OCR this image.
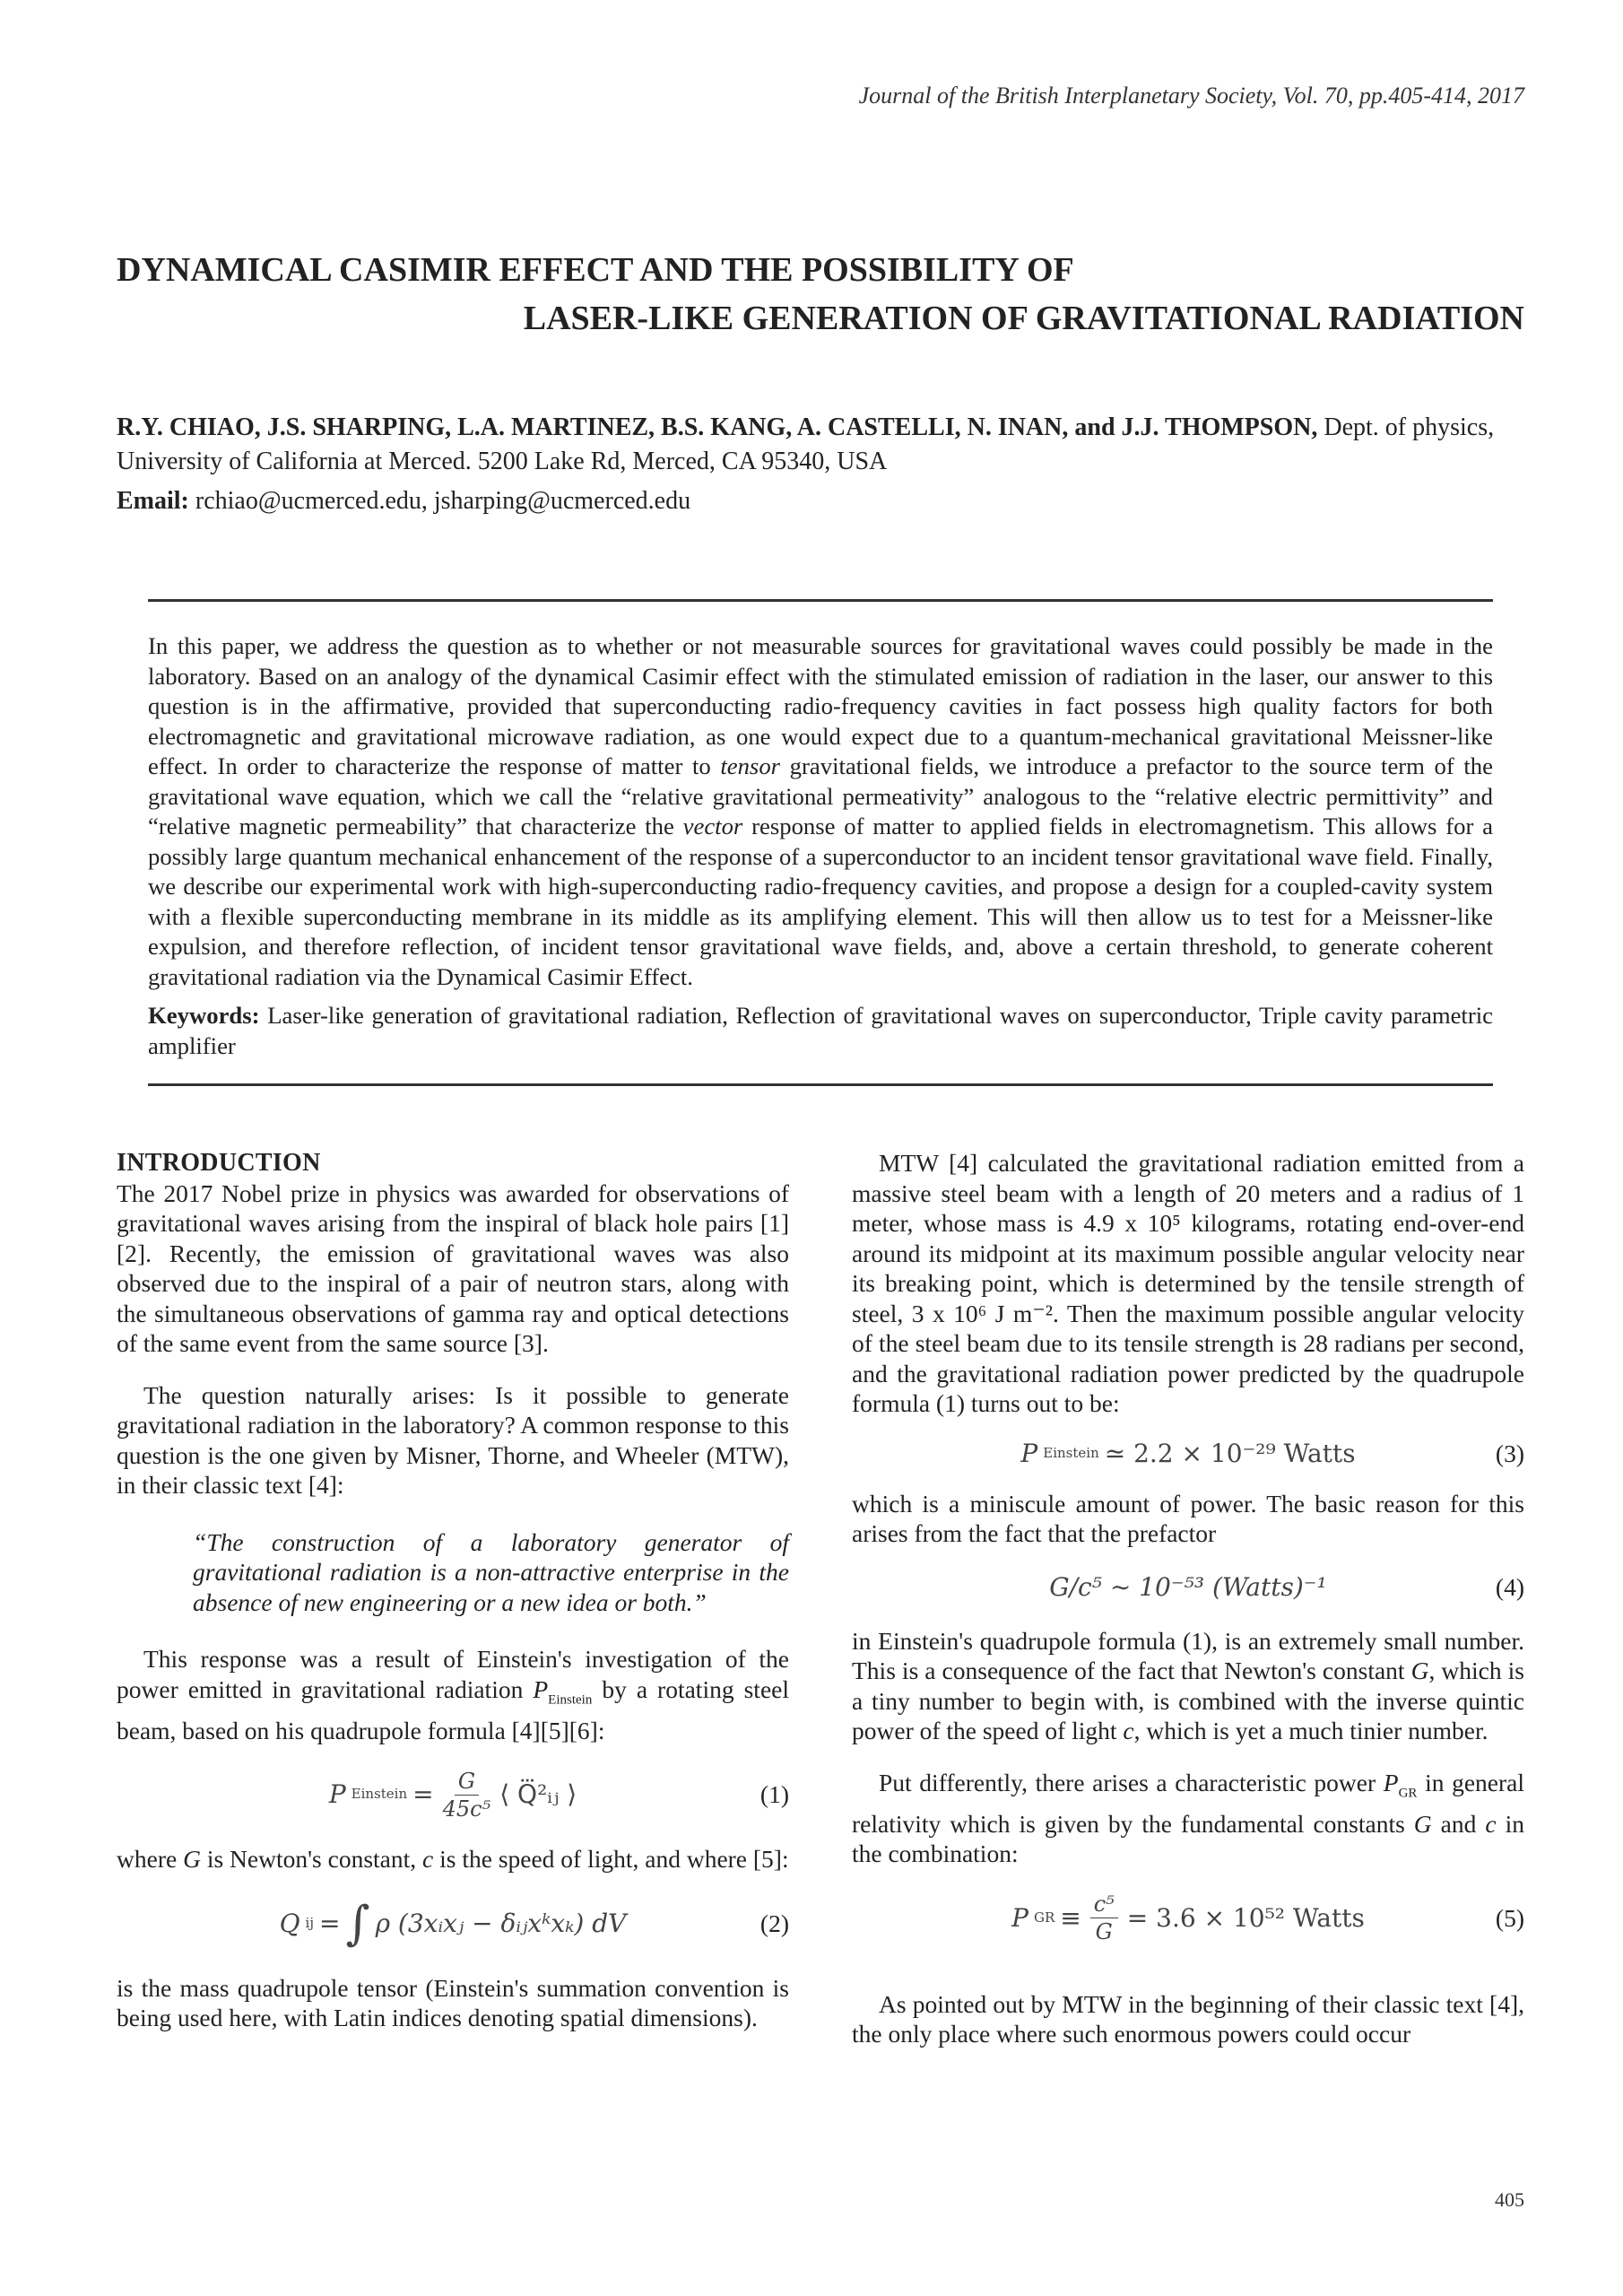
Journal of the British Interplanetary Society, Vol. 70, pp.405-414, 2017
DYNAMICAL CASIMIR EFFECT AND THE POSSIBILITY OF
LASER-LIKE GENERATION OF GRAVITATIONAL RADIATION
R.Y. CHIAO, J.S. SHARPING, L.A. MARTINEZ, B.S. KANG, A. CASTELLI, N. INAN, and J.J. THOMPSON, Dept. of physics, University of California at Merced. 5200 Lake Rd, Merced, CA 95340, USA
Email: rchiao@ucmerced.edu, jsharping@ucmerced.edu

In this paper, we address the question as to whether or not measurable sources for gravitational waves could possibly be made in the laboratory. Based on an analogy of the dynamical Casimir effect with the stimulated emission of radiation in the laser, our answer to this question is in the affirmative, provided that superconducting radio-frequency cavities in fact possess high quality factors for both electromagnetic and gravitational microwave radiation, as one would expect due to a quantum-mechanical gravitational Meissner-like effect. In order to characterize the response of matter to tensor gravitational fields, we introduce a prefactor to the source term of the gravitational wave equation, which we call the “relative gravitational permeativity” analogous to the “relative electric permittivity” and “relative magnetic permeability” that characterize the vector response of matter to applied fields in electromagnetism. This allows for a possibly large quantum mechanical enhancement of the response of a superconductor to an incident tensor gravitational wave field. Finally, we describe our experimental work with high-superconducting radio-frequency cavities, and propose a design for a coupled-cavity system with a flexible superconducting membrane in its middle as its amplifying element. This will then allow us to test for a Meissner-like expulsion, and therefore reflection, of incident tensor gravitational wave fields, and, above a certain threshold, to generate coherent gravitational radiation via the Dynamical Casimir Effect.

Keywords: Laser-like generation of gravitational radiation, Reflection of gravitational waves on superconductor, Triple cavity parametric amplifier

INTRODUCTION

The 2017 Nobel prize in physics was awarded for observations of gravitational waves arising from the inspiral of black hole pairs [1] [2]. Recently, the emission of gravitational waves was also observed due to the inspiral of a pair of neutron stars, along with the simultaneous observations of gamma ray and optical detections of the same event from the same source [3].

The question naturally arises: Is it possible to generate gravitational radiation in the laboratory? A common response to this question is the one given by Misner, Thorne, and Wheeler (MTW), in their classic text [4]:

“The construction of a laboratory generator of gravitational radiation is a non-attractive enterprise in the absence of new engineering or a new idea or both.”

This response was a result of Einstein's investigation of the power emitted in gravitational radiation $P_{Einstein}$ by a rotating steel beam, based on his quadrupole formula [4][5][6]:

P Einstein = $\frac{G}{\text{45c⁵}}$ ⟨ Q⃛²ᵢⱼ ⟩	(1)

where G is Newton's constant, c is the speed of light, and where [5]:

Q ij = ∫ ρ (3xᵢxⱼ − δᵢⱼxᵏxₖ) dV	(2)

is the mass quadrupole tensor (Einstein's summation convention is being used here, with Latin indices denoting spatial dimensions).

MTW [4] calculated the gravitational radiation emitted from a massive steel beam with a length of 20 meters and a radius of 1 meter, whose mass is 4.9 x 10⁵ kilograms, rotating end-over-end around its midpoint at its maximum possible angular velocity near its breaking point, which is determined by the tensile strength of steel, 3 x 10⁶ J m⁻². Then the maximum possible angular velocity of the steel beam due to its tensile strength is 28 radians per second, and the gravitational radiation power predicted by the quadrupole formula (1) turns out to be:

P Einstein ≃ 2.2 × 10⁻²⁹ Watts	(3)

which is a miniscule amount of power. The basic reason for this arises from the fact that the prefactor

G/c⁵ ∼ 10⁻⁵³ (Watts)⁻¹	(4)

in Einstein's quadrupole formula (1), is an extremely small number. This is a consequence of the fact that Newton's constant G, which is a tiny number to begin with, is combined with the inverse quintic power of the speed of light c, which is yet a much tinier number.

Put differently, there arises a characteristic power $P_{GR}$ in general relativity which is given by the fundamental constants G and c in the combination:

P GR ≡ $\frac{\text{c⁵}}{G} = 3.6 \times 10^{52}$ Watts	(5)

As pointed out by MTW in the beginning of their classic text [4], the only place where such enormous powers could occur

405
